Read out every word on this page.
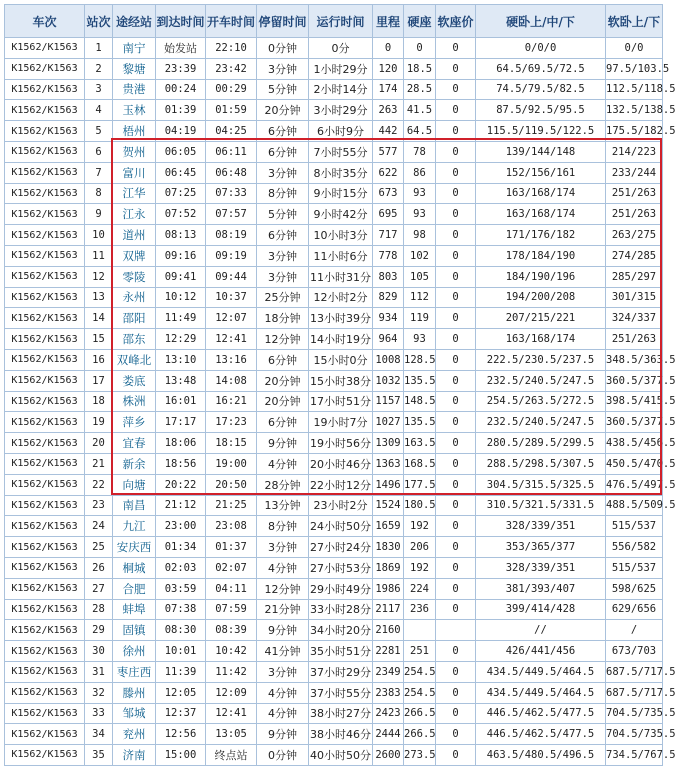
车次	站次	途经站	到达时间	开车时间	停留时间	运行时间	里程	硬座	软座价	硬卧上/中/下	软卧上/下
K1562/K1563	1	南宁	始发站	22:10	0分钟	0分	0	0	0	0/0/0	0/0
K1562/K1563	2	黎塘	23:39	23:42	3分钟	1小时29分	120	18.5	0	64.5/69.5/72.5	97.5/103.5
K1562/K1563	3	贵港	00:24	00:29	5分钟	2小时14分	174	28.5	0	74.5/79.5/82.5	112.5/118.5
K1562/K1563	4	玉林	01:39	01:59	20分钟	3小时29分	263	41.5	0	87.5/92.5/95.5	132.5/138.5
K1562/K1563	5	梧州	04:19	04:25	6分钟	6小时9分	442	64.5	0	115.5/119.5/122.5	175.5/182.5
K1562/K1563	6	贺州	06:05	06:11	6分钟	7小时55分	577	78	0	139/144/148	214/223
K1562/K1563	7	富川	06:45	06:48	3分钟	8小时35分	622	86	0	152/156/161	233/244
K1562/K1563	8	江华	07:25	07:33	8分钟	9小时15分	673	93	0	163/168/174	251/263
K1562/K1563	9	江永	07:52	07:57	5分钟	9小时42分	695	93	0	163/168/174	251/263
K1562/K1563	10	道州	08:13	08:19	6分钟	10小时3分	717	98	0	171/176/182	263/275
K1562/K1563	11	双牌	09:16	09:19	3分钟	11小时6分	778	102	0	178/184/190	274/285
K1562/K1563	12	零陵	09:41	09:44	3分钟	11小时31分	803	105	0	184/190/196	285/297
K1562/K1563	13	永州	10:12	10:37	25分钟	12小时2分	829	112	0	194/200/208	301/315
K1562/K1563	14	邵阳	11:49	12:07	18分钟	13小时39分	934	119	0	207/215/221	324/337
K1562/K1563	15	邵东	12:29	12:41	12分钟	14小时19分	964	93	0	163/168/174	251/263
K1562/K1563	16	双峰北	13:10	13:16	6分钟	15小时0分	1008	128.5	0	222.5/230.5/237.5	348.5/363.5
K1562/K1563	17	娄底	13:48	14:08	20分钟	15小时38分	1032	135.5	0	232.5/240.5/247.5	360.5/377.5
K1562/K1563	18	株洲	16:01	16:21	20分钟	17小时51分	1157	148.5	0	254.5/263.5/272.5	398.5/415.5
K1562/K1563	19	萍乡	17:17	17:23	6分钟	19小时7分	1027	135.5	0	232.5/240.5/247.5	360.5/377.5
K1562/K1563	20	宜春	18:06	18:15	9分钟	19小时56分	1309	163.5	0	280.5/289.5/299.5	438.5/456.5
K1562/K1563	21	新余	18:56	19:00	4分钟	20小时46分	1363	168.5	0	288.5/298.5/307.5	450.5/470.5
K1562/K1563	22	向塘	20:22	20:50	28分钟	22小时12分	1496	177.5	0	304.5/315.5/325.5	476.5/497.5
K1562/K1563	23	南昌	21:12	21:25	13分钟	23小时2分	1524	180.5	0	310.5/321.5/331.5	488.5/509.5
K1562/K1563	24	九江	23:00	23:08	8分钟	24小时50分	1659	192	0	328/339/351	515/537
K1562/K1563	25	安庆西	01:34	01:37	3分钟	27小时24分	1830	206	0	353/365/377	556/582
K1562/K1563	26	桐城	02:03	02:07	4分钟	27小时53分	1869	192	0	328/339/351	515/537
K1562/K1563	27	合肥	03:59	04:11	12分钟	29小时49分	1986	224	0	381/393/407	598/625
K1562/K1563	28	蚌埠	07:38	07:59	21分钟	33小时28分	2117	236	0	399/414/428	629/656
K1562/K1563	29	固镇	08:30	08:39	9分钟	34小时20分	2160			//	/
K1562/K1563	30	徐州	10:01	10:42	41分钟	35小时51分	2281	251	0	426/441/456	673/703
K1562/K1563	31	枣庄西	11:39	11:42	3分钟	37小时29分	2349	254.5	0	434.5/449.5/464.5	687.5/717.5
K1562/K1563	32	滕州	12:05	12:09	4分钟	37小时55分	2383	254.5	0	434.5/449.5/464.5	687.5/717.5
K1562/K1563	33	邹城	12:37	12:41	4分钟	38小时27分	2423	266.5	0	446.5/462.5/477.5	704.5/735.5
K1562/K1563	34	兖州	12:56	13:05	9分钟	38小时46分	2444	266.5	0	446.5/462.5/477.5	704.5/735.5
K1562/K1563	35	济南	15:00	终点站	0分钟	40小时50分	2600	273.5	0	463.5/480.5/496.5	734.5/767.5
